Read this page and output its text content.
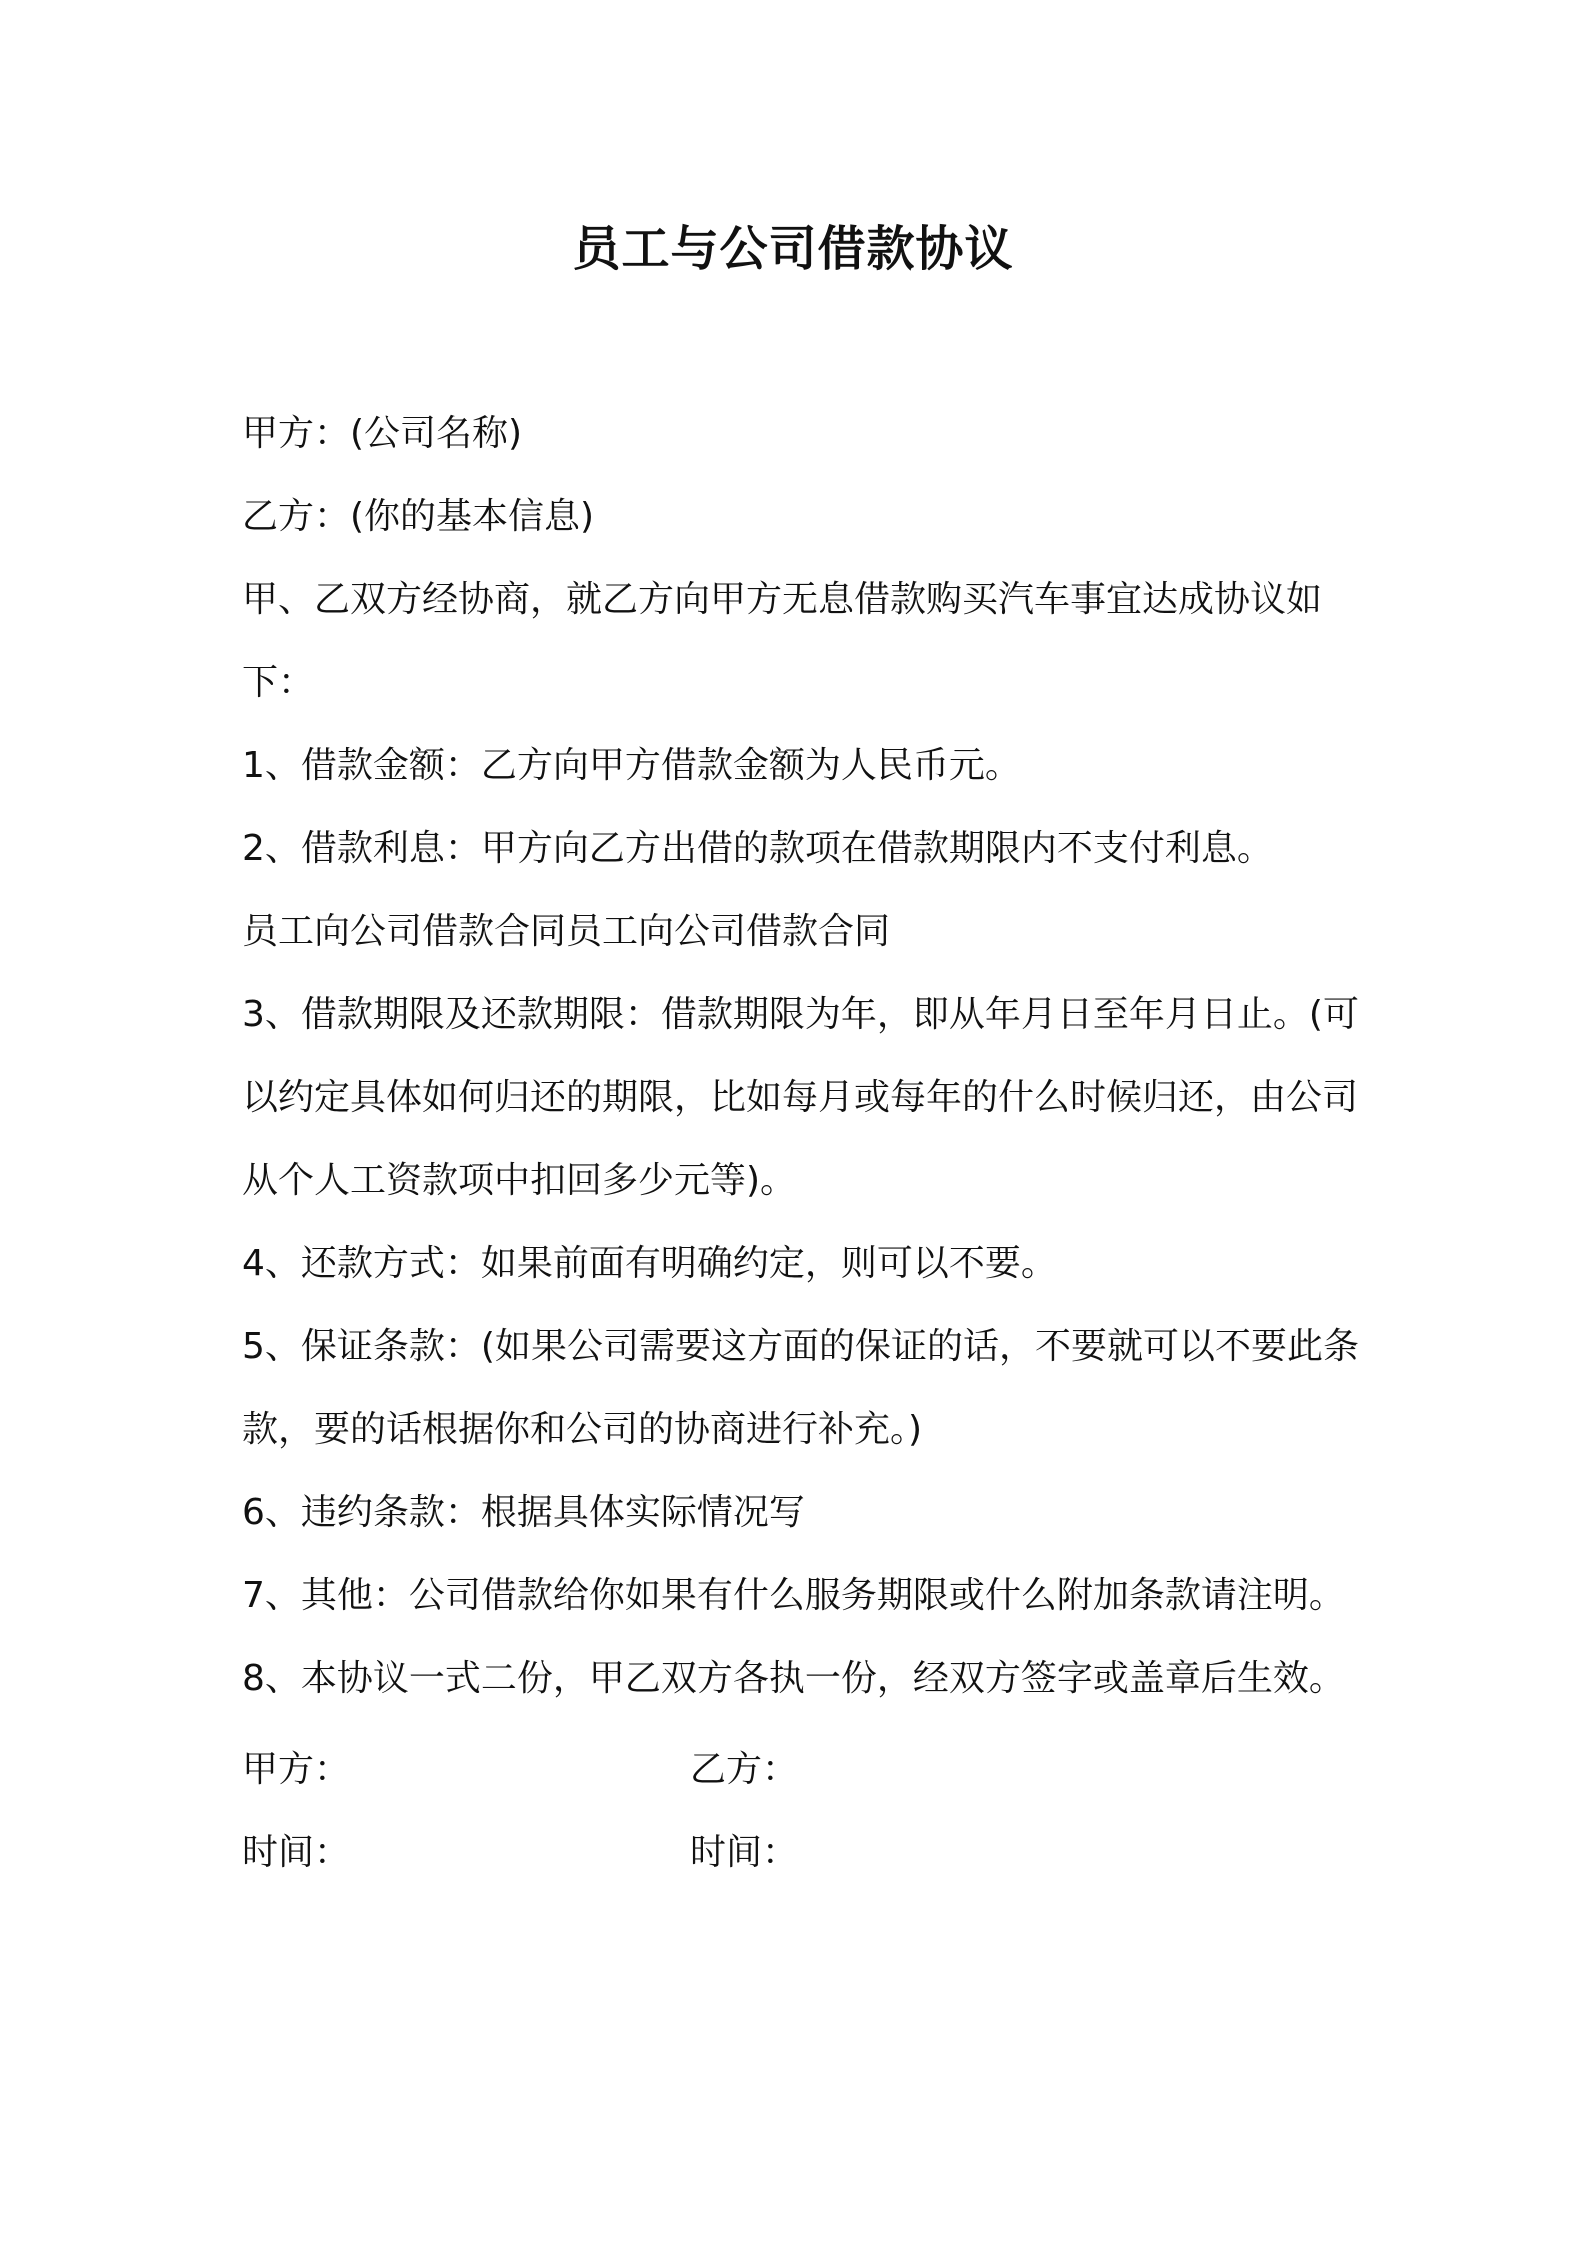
员工与公司借款协议
甲方：(公司名称)
乙方：(你的基本信息)
甲、乙双方经协商，就乙方向甲方无息借款购买汽车事宜达成协议如下：
1、借款金额：乙方向甲方借款金额为人民币元。
2、借款利息：甲方向乙方出借的款项在借款期限内不支付利息。
员工向公司借款合同员工向公司借款合同
3、借款期限及还款期限：借款期限为年，即从年月日至年月日止。(可以约定具体如何归还的期限，比如每月或每年的什么时候归还，由公司从个人工资款项中扣回多少元等)。
4、还款方式：如果前面有明确约定，则可以不要。
5、保证条款：(如果公司需要这方面的保证的话，不要就可以不要此条款，要的话根据你和公司的协商进行补充。)
6、违约条款：根据具体实际情况写
7、其他：公司借款给你如果有什么服务期限或什么附加条款请注明。
8、本协议一式二份，甲乙双方各执一份，经双方签字或盖章后生效。
甲方：	乙方：
时间：	时间：
